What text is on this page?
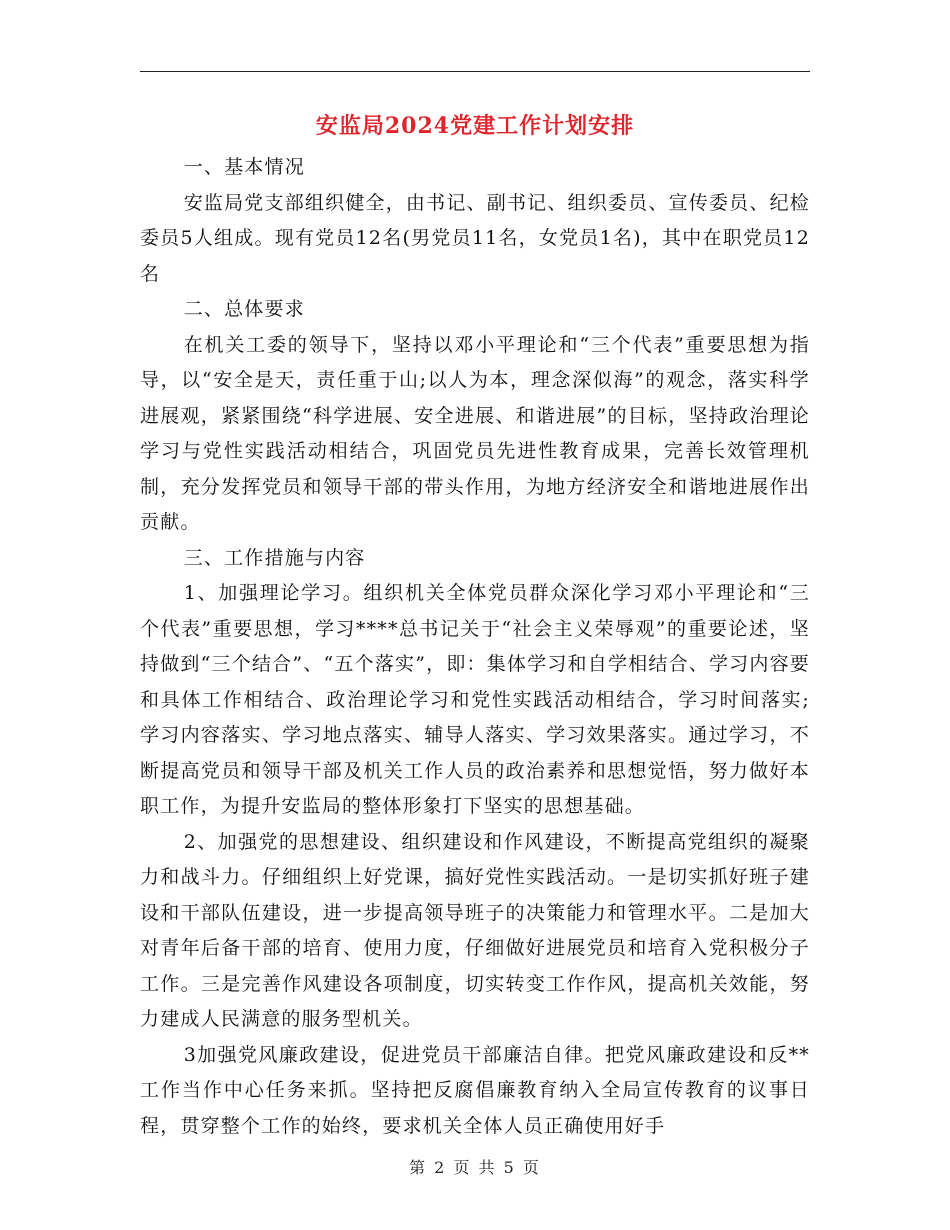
安监局2024党建工作计划安排

一、基本情况

安监局党支部组织健全，由书记、副书记、组织委员、宣传委员、纪检委员5人组成。现有党员12名(男党员11名，女党员1名)，其中在职党员12名

二、总体要求

在机关工委的领导下，坚持以邓小平理论和“三个代表”重要思想为指导，以“安全是天，责任重于山;以人为本，理念深似海”的观念，落实科学进展观，紧紧围绕“科学进展、安全进展、和谐进展”的目标，坚持政治理论学习与党性实践活动相结合，巩固党员先进性教育成果，完善长效管理机制，充分发挥党员和领导干部的带头作用，为地方经济安全和谐地进展作出贡献。

三、工作措施与内容

1、加强理论学习。组织机关全体党员群众深化学习邓小平理论和“三个代表”重要思想，学习****总书记关于“社会主义荣辱观”的重要论述，坚持做到“三个结合”、“五个落实”，即：集体学习和自学相结合、学习内容要和具体工作相结合、政治理论学习和党性实践活动相结合，学习时间落实;学习内容落实、学习地点落实、辅导人落实、学习效果落实。通过学习，不断提高党员和领导干部及机关工作人员的政治素养和思想觉悟，努力做好本职工作，为提升安监局的整体形象打下坚实的思想基础。

2、加强党的思想建设、组织建设和作风建设，不断提高党组织的凝聚力和战斗力。仔细组织上好党课，搞好党性实践活动。一是切实抓好班子建设和干部队伍建设，进一步提高领导班子的决策能力和管理水平。二是加大对青年后备干部的培育、使用力度，仔细做好进展党员和培育入党积极分子工作。三是完善作风建设各项制度，切实转变工作作风，提高机关效能，努力建成人民满意的服务型机关。

3加强党风廉政建设，促进党员干部廉洁自律。把党风廉政建设和反**工作当作中心任务来抓。坚持把反腐倡廉教育纳入全局宣传教育的议事日程，贯穿整个工作的始终，要求机关全体人员正确使用好手

第 2 页 共 5 页
